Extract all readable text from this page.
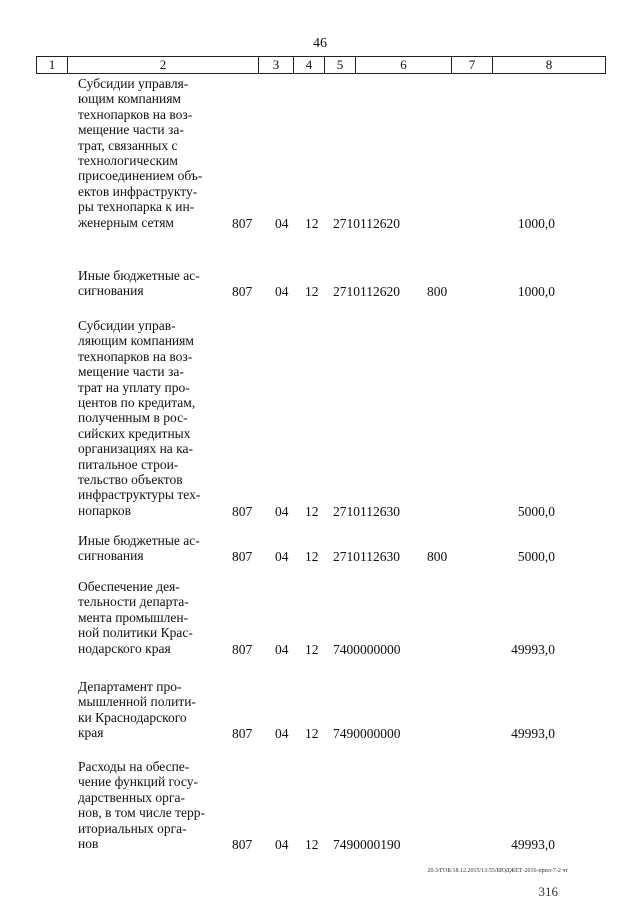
46
1	2	3	4	5	6	7	8
Субсидии управля-
ющим компаниям
технопарков на воз-
мещение части за-
трат, связанных с
технологическим
присоединением объ-
ектов инфраструкту-
ры технопарка к ин-
женерным сетям	807 04 12 2710112620	1000,0
Иные бюджетные ас-
сигнования	807 04 12 2710112620 800	1000,0
Субсидии управ-
ляющим компаниям
технопарков на воз-
мещение части за-
трат на уплату про-
центов по кредитам,
полученным в рос-
сийских кредитных
организациях на ка-
питальное строи-
тельство объектов
инфраструктуры тех-
нопарков	807 04 12 2710112630	5000,0
Иные бюджетные ас-
сигнования	807 04 12 2710112630 800	5000,0
Обеспечение дея-
тельности департа-
мента промышлен-
ной политики Крас-
нодарского края	807 04 12 7400000000	49993,0
Департамент про-
мышленной полити-
ки Краснодарского
края	807 04 12 7490000000	49993,0
Расходы на обеспе-
чение функций госу-
дарственных орга-
нов, в том числе терр-
иториальных орга-
нов	807 04 12 7490000190	49993,0
20.3/ГОБ/18.12.2015/13:55/БЮДЖЕТ-2016-прил-7-2 чт
316
